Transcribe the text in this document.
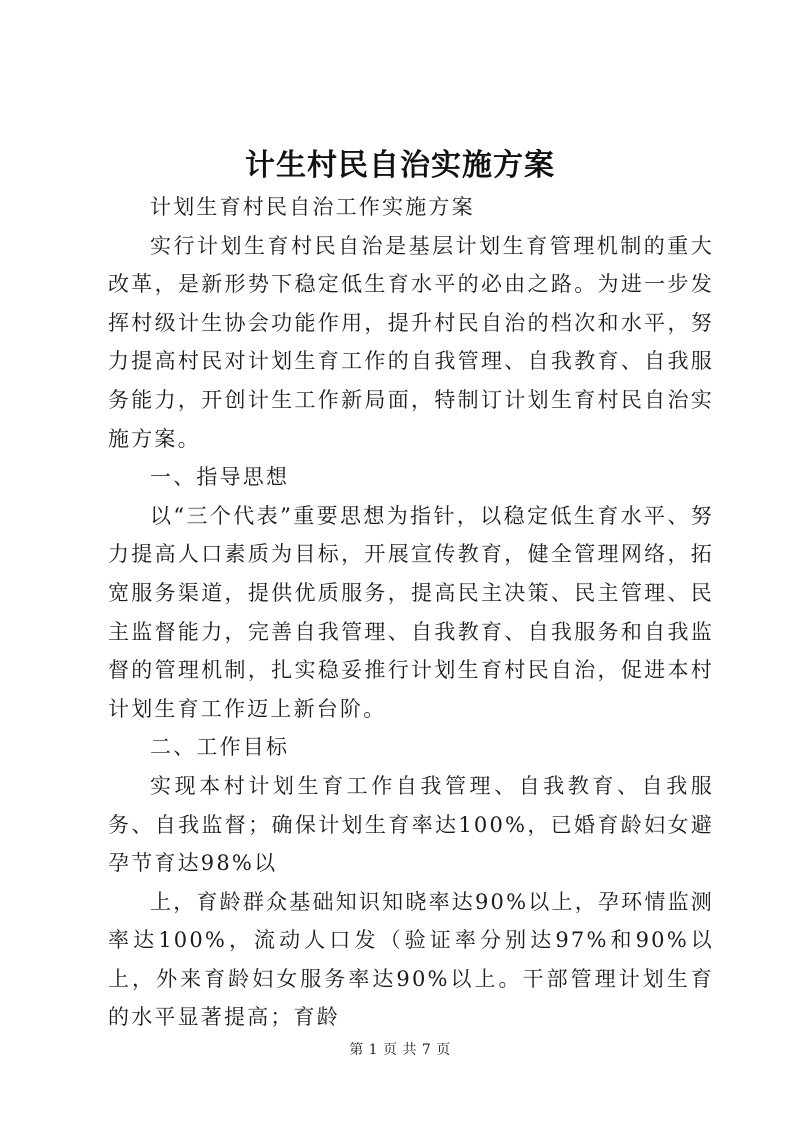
计生村民自治实施方案

计划生育村民自治工作实施方案

实行计划生育村民自治是基层计划生育管理机制的重大改革，是新形势下稳定低生育水平的必由之路。为进一步发挥村级计生协会功能作用，提升村民自治的档次和水平，努力提高村民对计划生育工作的自我管理、自我教育、自我服务能力，开创计生工作新局面，特制订计划生育村民自治实施方案。

一、指导思想

以“三个代表”重要思想为指针，以稳定低生育水平、努力提高人口素质为目标，开展宣传教育，健全管理网络，拓宽服务渠道，提供优质服务，提高民主决策、民主管理、民主监督能力，完善自我管理、自我教育、自我服务和自我监督的管理机制，扎实稳妥推行计划生育村民自治，促进本村计划生育工作迈上新台阶。

二、工作目标

实现本村计划生育工作自我管理、自我教育、自我服务、自我监督；确保计划生育率达100%，已婚育龄妇女避孕节育达98%以

上，育龄群众基础知识知晓率达90%以上，孕环情监测率达100%，流动人口发（验证率分别达97%和90%以上，外来育龄妇女服务率达90%以上。干部管理计划生育的水平显著提高；育龄

第 1 页 共 7 页
